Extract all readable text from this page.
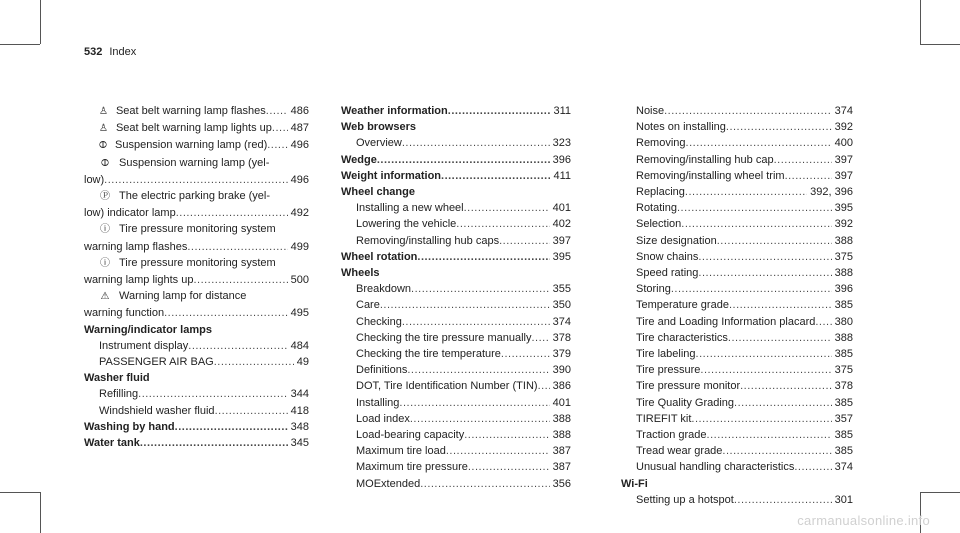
532 Index
♙ Seat belt warning lamp flashes ..... 486
♙ Seat belt warning lamp lights up ..... 487
⦷ Suspension warning lamp (red) ..... 496
⦷ Suspension warning lamp (yel-
low) .....	496
Ⓟ The electric parking brake (yel-
low) indicator lamp .....	492
ⓘ Tire pressure monitoring system
warning lamp flashes .....	499
ⓘ Tire pressure monitoring system
warning lamp lights up .....	500
⚠ Warning lamp for distance
warning function .....	495
Warning/indicator lamps
Instrument display .....	484
PASSENGER AIR BAG .....	49
Washer fluid
Refilling .....	344
Windshield washer fluid .....	418
Washing by hand .....	348
Water tank .....	345
Weather information .....	311
Web browsers
Overview .....	323
Wedge .....	396
Weight information .....	411
Wheel change
Installing a new wheel .....	401
Lowering the vehicle .....	402
Removing/installing hub caps .....	397
Wheel rotation .....	395
Wheels
Breakdown .....	355
Care .....	350
Checking .....	374
Checking the tire pressure manually ..... 378
Checking the tire temperature .....	379
Definitions .....	390
DOT, Tire Identification Number (TIN) ..... 386
Installing .....	401
Load index .....	388
Load-bearing capacity .....	388
Maximum tire load .....	387
Maximum tire pressure .....	387
MOExtended .....	356
Noise .....	374
Notes on installing .....	392
Removing .....	400
Removing/installing hub cap .....	397
Removing/installing wheel trim .....	397
Replacing .....	392, 396
Rotating .....	395
Selection .....	392
Size designation .....	388
Snow chains .....	375
Speed rating .....	388
Storing .....	396
Temperature grade .....	385
Tire and Loading Information placard ..... 380
Tire characteristics .....	388
Tire labeling .....	385
Tire pressure .....	375
Tire pressure monitor .....	378
Tire Quality Grading .....	385
TIREFIT kit .....	357
Traction grade .....	385
Tread wear grade .....	385
Unusual handling characteristics .....	374
Wi-Fi
Setting up a hotspot .....	301
carmanualsonline.info
